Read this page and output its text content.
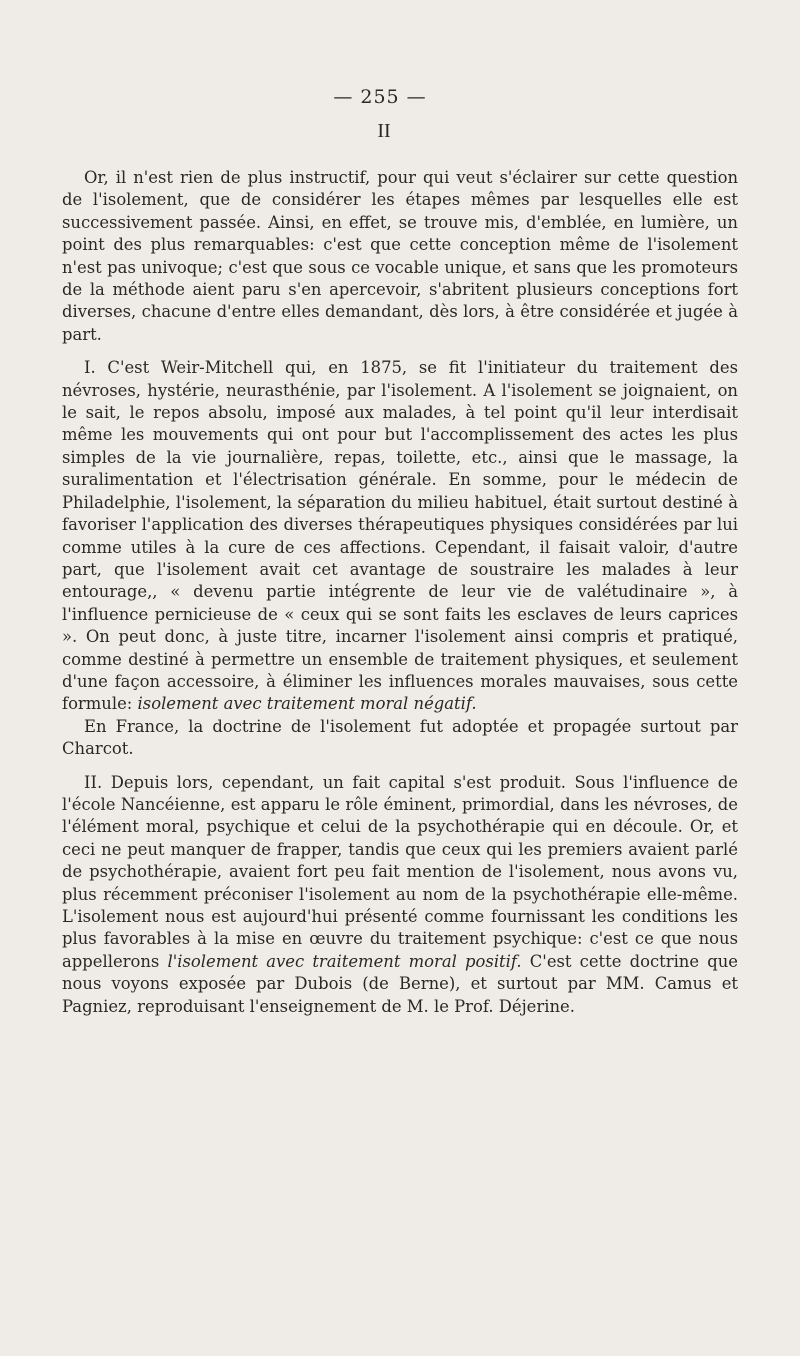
— 255 —
II

Or, il n'est rien de plus instructif, pour qui veut s'éclairer sur cette question de l'isolement, que de considérer les étapes mêmes par lesquelles elle est successivement passée. Ainsi, en effet, se trouve mis, d'emblée, en lumière, un point des plus remarquables: c'est que cette conception même de l'isolement n'est pas univoque; c'est que sous ce vocable unique, et sans que les promoteurs de la méthode aient paru s'en apercevoir, s'abritent plusieurs conceptions fort diverses, chacune d'entre elles demandant, dès lors, à être considérée et jugée à part.

I. C'est Weir-Mitchell qui, en 1875, se fit l'initiateur du traitement des névroses, hystérie, neurasthénie, par l'isolement. A l'isolement se joignaient, on le sait, le repos absolu, imposé aux malades, à tel point qu'il leur interdisait même les mouvements qui ont pour but l'accomplissement des actes les plus simples de la vie journalière, repas, toilette, etc., ainsi que le massage, la suralimentation et l'électrisation générale. En somme, pour le médecin de Philadelphie, l'isolement, la séparation du milieu habituel, était surtout destiné à favoriser l'application des diverses thérapeutiques physiques considérées par lui comme utiles à la cure de ces affections. Cependant, il faisait valoir, d'autre part, que l'isolement avait cet avantage de soustraire les malades à leur entourage,, « devenu partie intégrente de leur vie de valétudinaire », à l'influence pernicieuse de « ceux qui se sont faits les esclaves de leurs caprices ». On peut donc, à juste titre, incarner l'isolement ainsi compris et pratiqué, comme destiné à permettre un ensemble de traitement physiques, et seulement d'une façon accessoire, à éliminer les influences morales mauvaises, sous cette formule: isolement avec traitement moral négatif.

En France, la doctrine de l'isolement fut adoptée et propagée surtout par Charcot.

II. Depuis lors, cependant, un fait capital s'est produit. Sous l'influence de l'école Nancéienne, est apparu le rôle éminent, primordial, dans les névroses, de l'élément moral, psychique et celui de la psychothérapie qui en découle. Or, et ceci ne peut manquer de frapper, tandis que ceux qui les premiers avaient parlé de psychothérapie, avaient fort peu fait mention de l'isolement, nous avons vu, plus récemment préconiser l'isolement au nom de la psychothérapie elle-même. L'isolement nous est aujourd'hui présenté comme fournissant les conditions les plus favorables à la mise en œuvre du traitement psychique: c'est ce que nous appellerons l'isolement avec traitement moral positif. C'est cette doctrine que nous voyons exposée par Dubois (de Berne), et surtout par MM. Camus et Pagniez, reproduisant l'enseignement de M. le Prof. Déjerine.
